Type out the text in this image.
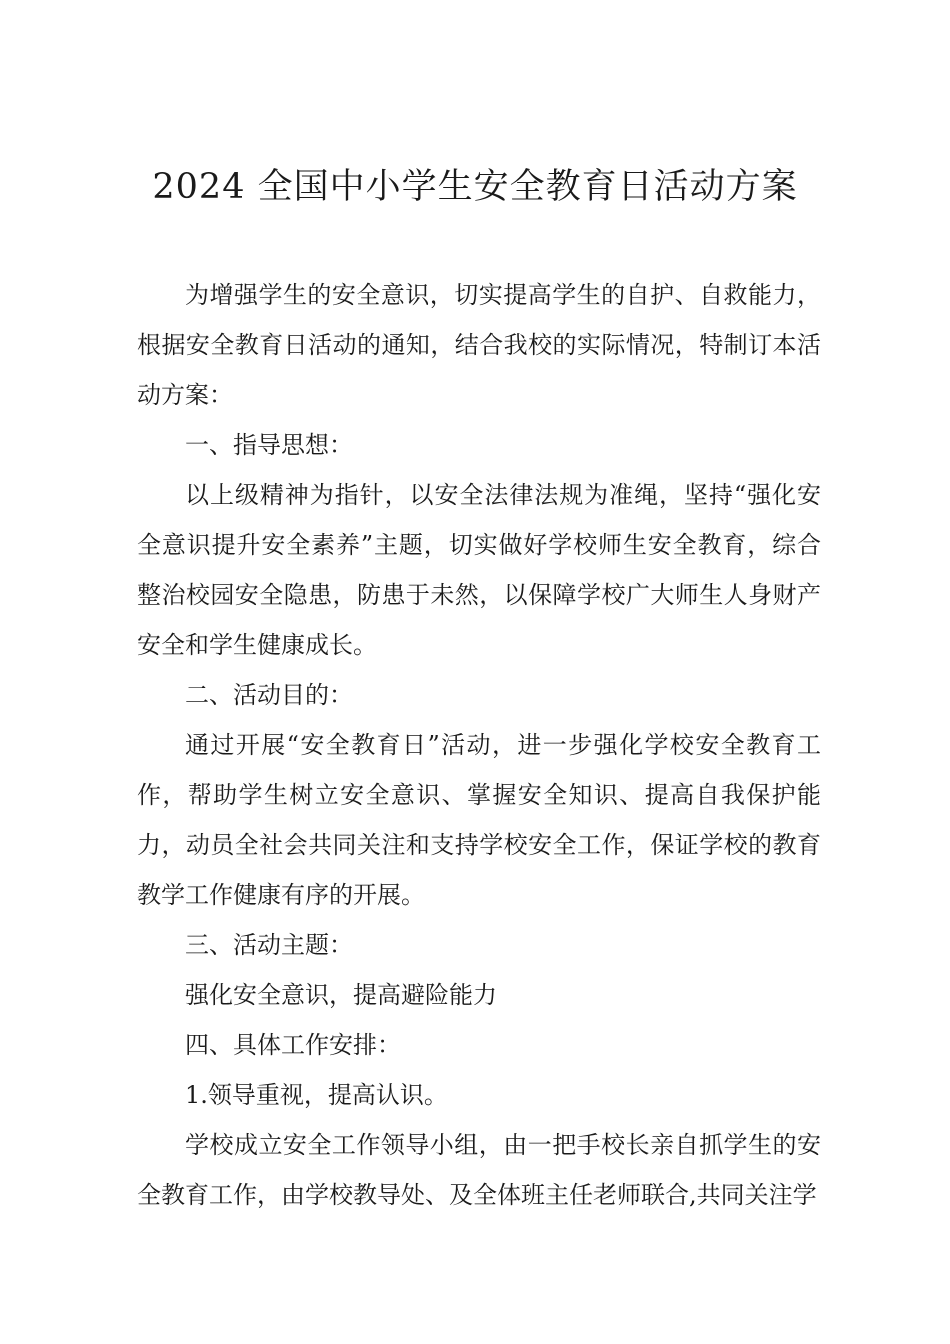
2024 全国中小学生安全教育日活动方案

为增强学生的安全意识，切实提高学生的自护、自救能力，根据安全教育日活动的通知，结合我校的实际情况，特制订本活动方案：

一、指导思想：

以上级精神为指针，以安全法律法规为准绳，坚持“强化安全意识提升安全素养”主题，切实做好学校师生安全教育，综合整治校园安全隐患，防患于未然，以保障学校广大师生人身财产安全和学生健康成长。

二、活动目的：

通过开展“安全教育日”活动，进一步强化学校安全教育工作，帮助学生树立安全意识、掌握安全知识、提高自我保护能力，动员全社会共同关注和支持学校安全工作，保证学校的教育教学工作健康有序的开展。

三、活动主题：

强化安全意识，提高避险能力

四、具体工作安排：

1.领导重视，提高认识。

学校成立安全工作领导小组，由一把手校长亲自抓学生的安全教育工作，由学校教导处、及全体班主任老师联合,共同关注学
